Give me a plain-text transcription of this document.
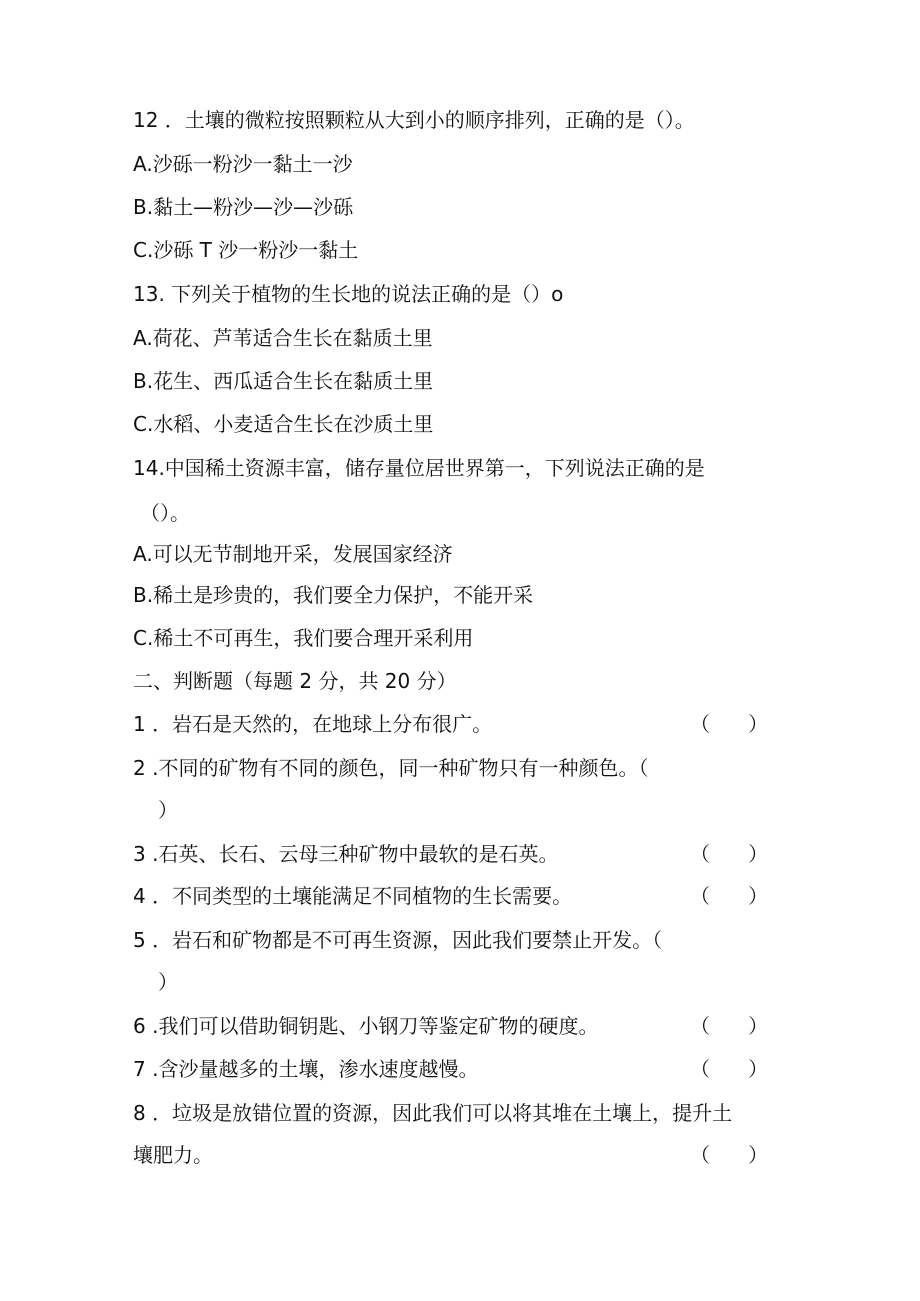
12 ．土壤的微粒按照颗粒从大到小的顺序排列，正确的是（）。
A.沙砾一粉沙一黏土一沙
B.黏土—粉沙—沙—沙砾
C.沙砾 T 沙一粉沙一黏土
13. 下列关于植物的生长地的说法正确的是（）o
A.荷花、芦苇适合生长在黏质土里
B.花生、西瓜适合生长在黏质土里
C.水稻、小麦适合生长在沙质土里
14.中国稀土资源丰富，储存量位居世界第一，下列说法正确的是
（）。
A.可以无节制地开采，发展国家经济
B.稀土是珍贵的，我们要全力保护，不能开采
C.稀土不可再生，我们要合理开采利用
二、判断题（每题 2 分，共 20 分）
1 ．岩石是天然的，在地球上分布很广。	（      ）
2 .不同的矿物有不同的颜色，同一种矿物只有一种颜色。（
）
3 .石英、长石、云母三种矿物中最软的是石英。	（      ）
4 ．不同类型的土壤能满足不同植物的生长需要。	（      ）
5 ．岩石和矿物都是不可再生资源，因此我们要禁止开发。（
）
6 .我们可以借助铜钥匙、小钢刀等鉴定矿物的硬度。	（      ）
7 .含沙量越多的土壤，渗水速度越慢。	（      ）
8 ．垃圾是放错位置的资源，因此我们可以将其堆在土壤上，提升土
壤肥力。	（      ）
